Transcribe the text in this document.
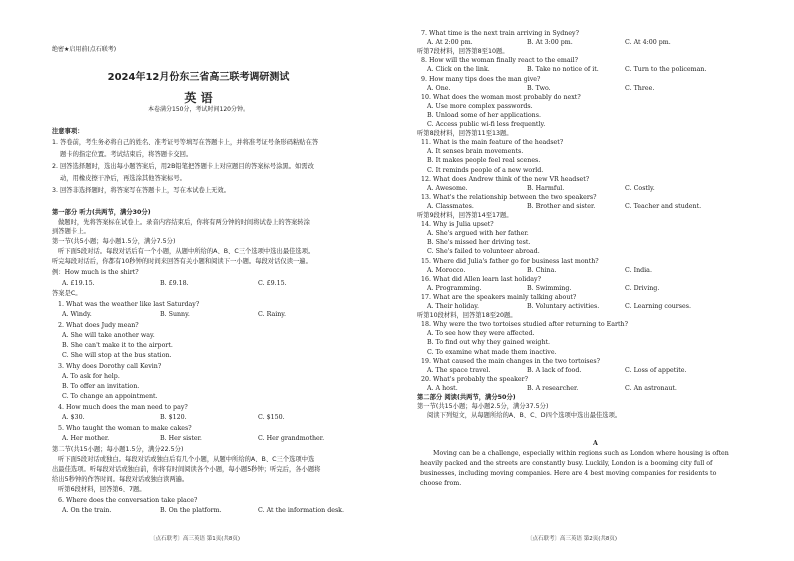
绝密★启用前(点石联考)
2024年12月份东三省高三联考调研测试
英 语
本卷满分150分，考试时间120分钟。
注意事项：
1. 答卷前，考生务必将自己的姓名、准考证号等填写在答题卡上，并将准考证号条形码粘贴在答
题卡的指定位置。考试结束后，将答题卡交回。
2. 回答选择题时，选出每小题答案后，用2B铅笔把答题卡上对应题目的答案标号涂黑。如需改
动，用橡皮擦干净后，再选涂其他答案标号。
3. 回答非选择题时，将答案写在答题卡上，写在本试卷上无效。
第一部分 听力(共两节，满分30分)
做题时，先将答案标在试卷上。录音内容结束后，你将有两分钟的时间将试卷上的答案转涂
到答题卡上。
第一节(共5小题；每小题1.5分，满分7.5分)
听下面5段对话。每段对话后有一个小题，从题中所给的A、B、C三个选项中选出最佳选项。
听完每段对话后，你都有10秒钟的时间来回答有关小题和阅读下一小题。每段对话仅读一遍。
例：How much is the shirt?
A. £19.15.	B. £9.18.	C. £9.15.
答案是C。
1. What was the weather like last Saturday?
A. Windy.	B. Sunny.	C. Rainy.
2. What does Judy mean?
A. She will take another way.
B. She can't make it to the airport.
C. She will stop at the bus station.
3. Why does Dorothy call Kevin?
A. To ask for help.
B. To offer an invitation.
C. To change an appointment.
4. How much does the man need to pay?
A. $30.	B. $120.	C. $150.
5. Who taught the woman to make cakes?
A. Her mother.	B. Her sister.	C. Her grandmother.
第二节(共15小题；每小题1.5分，满分22.5分)
听下面5段对话或独白。每段对话或独白后有几个小题，从题中所给的A、B、C三个选项中选
出最佳选项。听每段对话或独白前，你将有时间阅读各个小题，每小题5秒钟；听完后，各小题将
给出5秒钟的作答时间。每段对话或独白读两遍。
听第6段材料，回答第6、7题。
6. Where does the conversation take place?
A. On the train.	B. On the platform.	C. At the information desk.
〔点石联考〕高三英语 第1页(共8页)
7. What time is the next train arriving in Sydney?
A. At 2:00 pm.	B. At 3:00 pm.	C. At 4:00 pm.
听第7段材料，回答第8至10题。
8. How will the woman finally react to the email?
A. Click on the link.	B. Take no notice of it.	C. Turn to the policeman.
9. How many tips does the man give?
A. One.	B. Two.	C. Three.
10. What does the woman most probably do next?
A. Use more complex passwords.
B. Unload some of her applications.
C. Access public wi-fi less frequently.
听第8段材料，回答第11至13题。
11. What is the main feature of the headset?
A. It senses brain movements.
B. It makes people feel real scenes.
C. It reminds people of a new world.
12. What does Andrew think of the new VR headset?
A. Awesome.	B. Harmful.	C. Costly.
13. What's the relationship between the two speakers?
A. Classmates.	B. Brother and sister.	C. Teacher and student.
听第9段材料，回答第14至17题。
14. Why is Julia upset?
A. She's argued with her father.
B. She's missed her driving test.
C. She's failed to volunteer abroad.
15. Where did Julia's father go for business last month?
A. Morocco.	B. China.	C. India.
16. What did Allen learn last holiday?
A. Programming.	B. Swimming.	C. Driving.
17. What are the speakers mainly talking about?
A. Their holiday.	B. Voluntary activities.	C. Learning courses.
听第10段材料，回答第18至20题。
18. Why were the two tortoises studied after returning to Earth?
A. To see how they were affected.
B. To find out why they gained weight.
C. To examine what made them inactive.
19. What caused the main changes in the two tortoises?
A. The space travel.	B. A lack of food.	C. Loss of appetite.
20. What's probably the speaker?
A. A host.	B. A researcher.	C. An astronaut.
第二部分 阅读(共两节，满分50分)
第一节(共15小题；每小题2.5分，满分37.5分)
阅读下列短文，从每题所给的A、B、C、D四个选项中选出最佳选项。
A
Moving can be a challenge, especially within regions such as London where housing is often
heavily packed and the streets are constantly busy. Luckily, London is a booming city full of
businesses, including moving companies. Here are 4 best moving companies for residents to
choose from.
〔点石联考〕高三英语 第2页(共8页)
